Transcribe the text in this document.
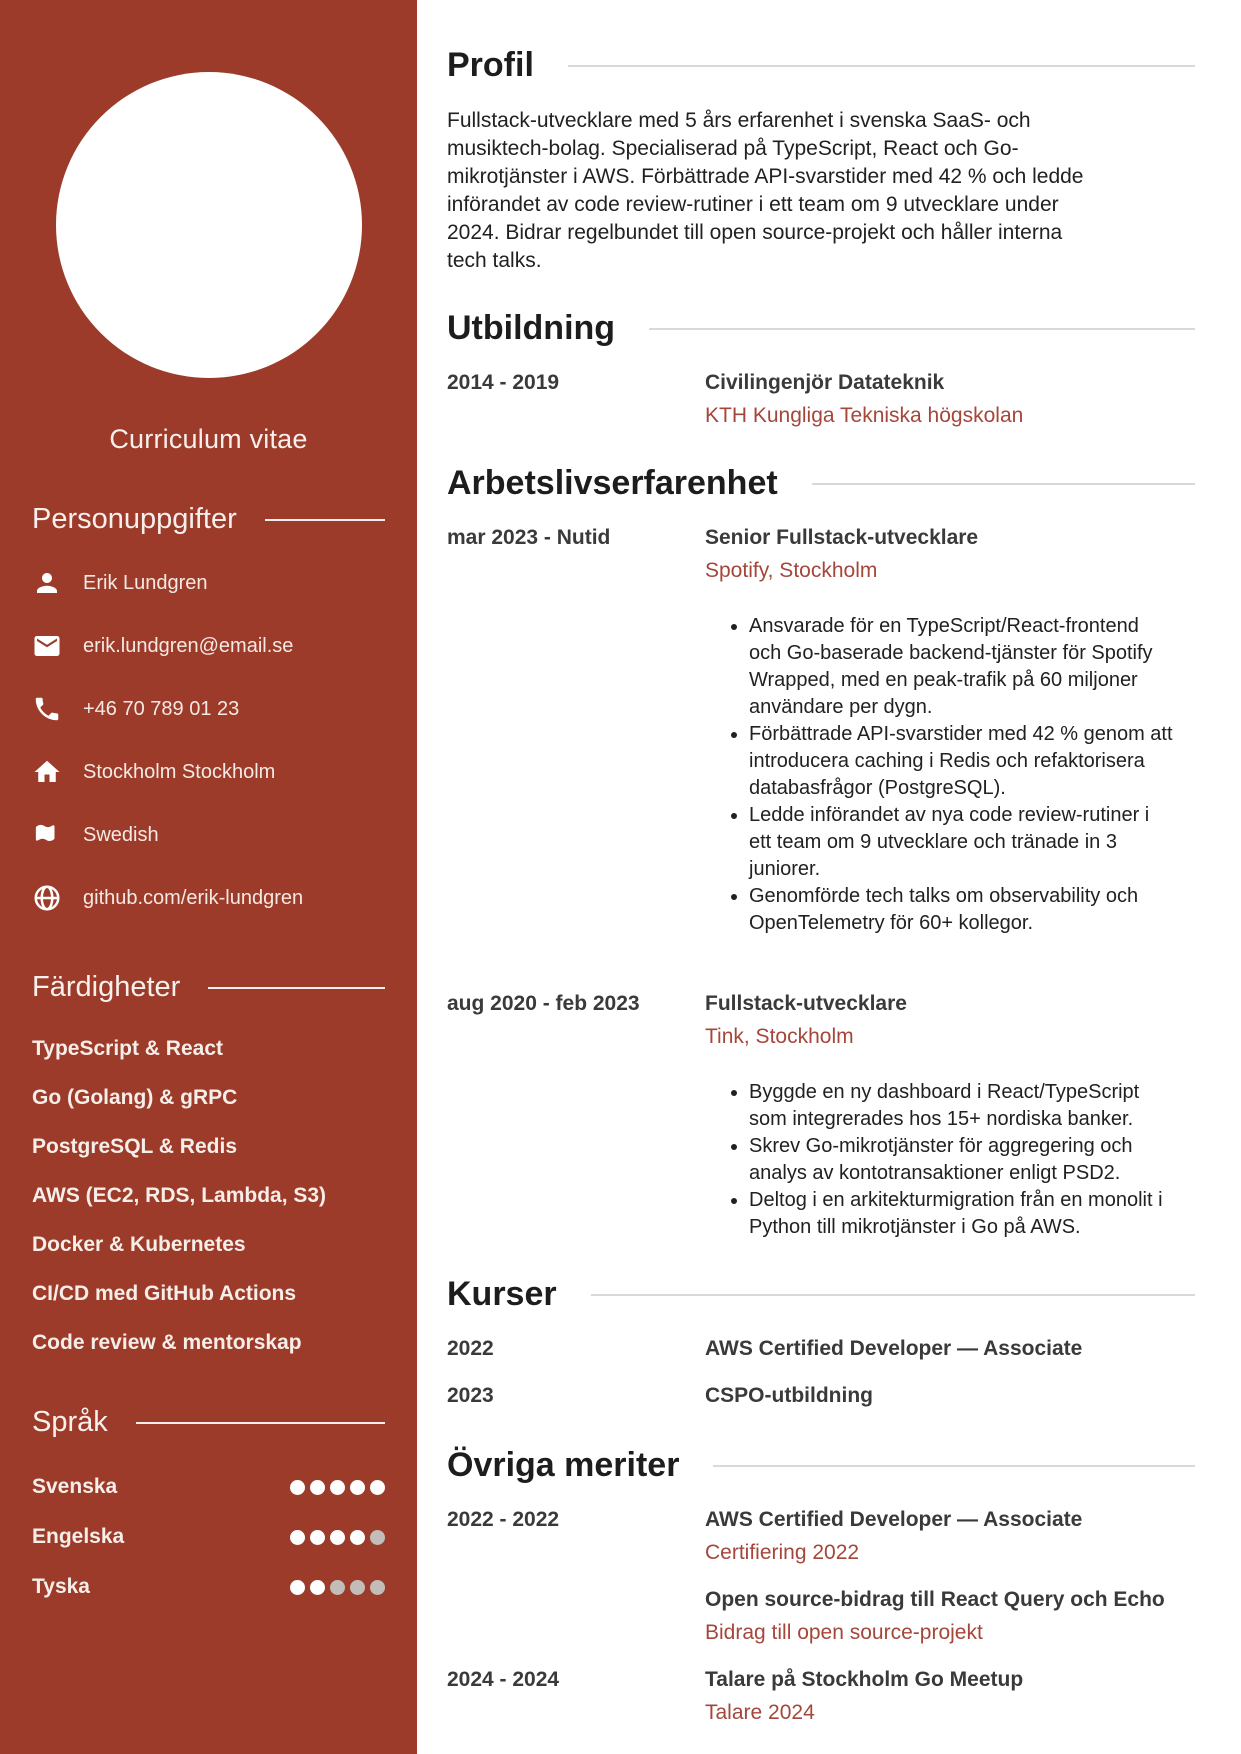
Curriculum vitae
Personuppgifter
Erik Lundgren
erik.lundgren@email.se
+46 70 789 01 23
Stockholm Stockholm
Swedish
github.com/erik-lundgren
Färdigheter
TypeScript & React
Go (Golang) & gRPC
PostgreSQL & Redis
AWS (EC2, RDS, Lambda, S3)
Docker & Kubernetes
CI/CD med GitHub Actions
Code review & mentorskap
Språk
Svenska
Engelska
Tyska
Profil

Fullstack-utvecklare med 5 års erfarenhet i svenska SaaS- och musiktech-bolag. Specialiserad på TypeScript, React och Go-mikrotjänster i AWS. Förbättrade API-svarstider med 42 % och ledde införandet av code review-rutiner i ett team om 9 utvecklare under 2024. Bidrar regelbundet till open source-projekt och håller interna tech talks.

Utbildning
2014 - 2019	Civilingenjör Datateknik
KTH Kungliga Tekniska högskolan
Arbetslivserfarenhet
mar 2023 - Nutid	Senior Fullstack-utvecklare
Spotify, Stockholm
• Ansvarade för en TypeScript/React-frontend och Go-baserade backend-tjänster för Spotify Wrapped, med en peak-trafik på 60 miljoner användare per dygn.
• Förbättrade API-svarstider med 42 % genom att introducera caching i Redis och refaktorisera databasfrågor (PostgreSQL).
• Ledde införandet av nya code review-rutiner i ett team om 9 utvecklare och tränade in 3 juniorer.
• Genomförde tech talks om observability och OpenTelemetry för 60+ kollegor.
aug 2020 - feb 2023	Fullstack-utvecklare
Tink, Stockholm
• Byggde en ny dashboard i React/TypeScript som integrerades hos 15+ nordiska banker.
• Skrev Go-mikrotjänster för aggregering och analys av kontotransaktioner enligt PSD2.
• Deltog i en arkitekturmigration från en monolit i Python till mikrotjänster i Go på AWS.
Kurser
2022	AWS Certified Developer — Associate
2023	CSPO-utbildning
Övriga meriter
2022 - 2022	AWS Certified Developer — Associate
Certifiering 2022
Open source-bidrag till React Query och Echo
Bidrag till open source-projekt
2024 - 2024	Talare på Stockholm Go Meetup
Talare 2024
